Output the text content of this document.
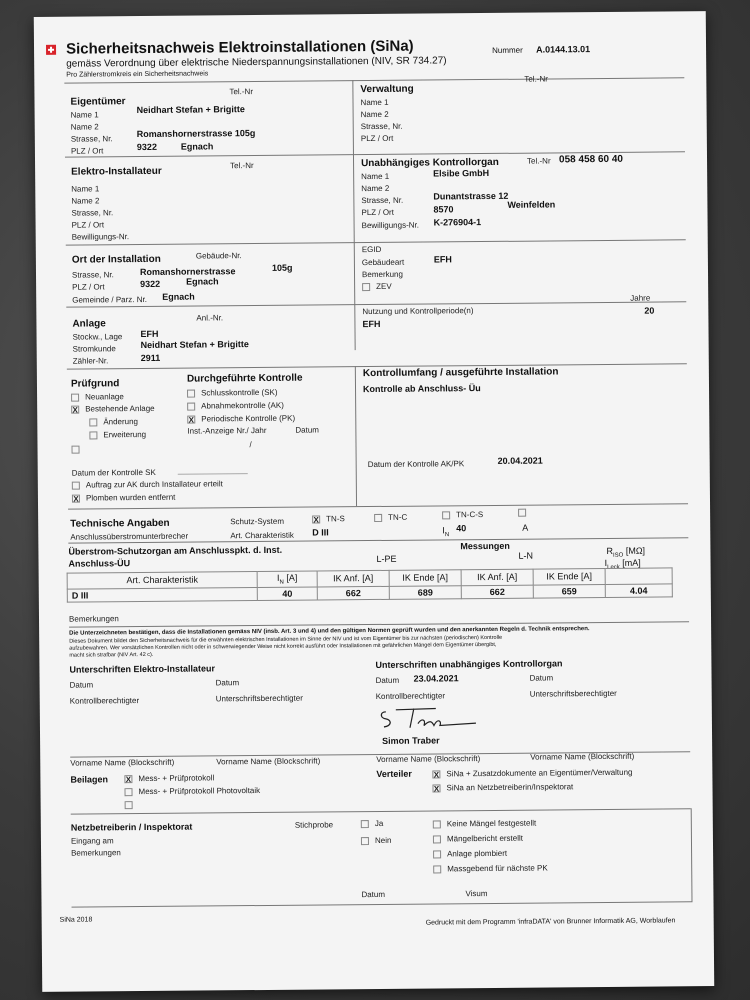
Sicherheitsnachweis Elektroinstallationen (SiNa)
gemäss Verordnung über elektrische Niederspannungsinstallationen (NIV, SR 734.27)
Pro Zählerstromkreis ein Sicherheitsnachweis
Nummer A.0144.13.01
Eigentümer
Tel.-Nr
Name 1	Neidhart Stefan + Brigitte
Name 2
Strasse, Nr.	Romanshornerstrasse 105g
PLZ / Ort	9322	Egnach
Verwaltung
Tel.-Nr
Name 1
Name 2
Strasse, Nr.
PLZ / Ort
Elektro-Installateur
Tel.-Nr
Name 1
Name 2
Strasse, Nr.
PLZ / Ort
Bewilligungs-Nr.
Unabhängiges Kontrollorgan	Tel.-Nr 058 458 60 40
Name 1	Elsibe GmbH
Name 2
Strasse, Nr.	Dunantstrasse 12
PLZ / Ort	8570	Weinfelden
Bewilligungs-Nr. K-276904-1
Ort der Installation	Gebäude-Nr.
Strasse, Nr.	Romanshornerstrasse	105g
PLZ / Ort	9322	Egnach
Gemeinde / Parz. Nr. Egnach
EGID
Gebäudeart	EFH
Bemerkung
ZEV
Anlage
Anl.-Nr.
Stockw., Lage EFH
Stromkunde	Neidhart Stefan + Brigitte
Zähler-Nr.	2911
Nutzung und Kontrollperiode(n)
EFH
Jahre
20
Prüfgrund
Neuanlage
X Bestehende Anlage
Änderung
Erweiterung
Durchgeführte Kontrolle
Schlusskontrolle (SK)
Abnahmekontrolle (AK)
X Periodische Kontrolle (PK)
Inst.-Anzeige Nr./ Jahr	Datum
/
Kontrollumfang / ausgeführte Installation
Kontrolle ab Anschluss- Üu
Datum der Kontrolle SK
Auftrag zur AK durch Installateur erteilt
X Plomben wurden entfernt
Datum der Kontrolle AK/PK	20.04.2021
Technische Angaben
Anschlussüberstromunterbrecher
Schutz-System	X TN-S	TN-C	TN-C-S
Art. Charakteristik D III	$I_N$
40	A
Überstrom-Schutzorgan am Anschlusspkt. d. Inst.
Anschluss-ÜU
Messungen
L-PE	L-N	$R_{ISO}$ [MΩ]
$I_{Leck}$ [mA]
Art. Charakteristik	$I_N$ [A]	IK Anf. [A]	IK Ende [A]	IK Anf. [A]	IK Ende [A]	
D III	40	662	689	662	659	4.04
Bemerkungen
Die Unterzeichneten bestätigen, dass die Installationen gemäss NIV (insb. Art. 3 und 4) und den gültigen Normen geprüft wurden und den anerkannten Regeln d. Technik entsprechen.
Dieses Dokument bildet den Sicherheitsnachweis für die erwähnten elektrischen Installationen im Sinne der NIV und ist vom Eigentümer bis zur nächsten (periodischen) Kontrolle
aufzubewahren. Wer vorsätzlichen Kontrollen nicht oder in schwerwiegender Weise nicht korrekt ausführt oder Installationen mit gefährlichen Mängel dem Eigentümer übergibt,
macht sich strafbar (NIV Art. 42 c).
Unterschriften Elektro-Installateur	Unterschriften unabhängiges Kontrollorgan
Datum	Datum	Datum 23.04.2021	Datum
Kontrollberechtigter	Unterschriftsberechtigter	Kontrollberechtigter	Unterschriftsberechtigter
Simon Traber
Vorname Name (Blockschrift)	Vorname Name (Blockschrift)	Vorname Name (Blockschrift)	Vorname Name (Blockschrift)
Beilagen X Mess- + Prüfprotokoll
Mess- + Prüfprotokoll Photovoltaik
Verteiler	X SiNa + Zusatzdokumente an Eigentümer/Verwaltung
X SiNa an Netzbetreiberin/Inspektorat
Netzbetreiberin / Inspektorat
Eingang am
Bemerkungen
Stichprobe	Ja
Nein
Keine Mängel festgestellt
Mängelbericht erstellt
Anlage plombiert
Massgebend für nächste PK
Datum	Visum
SiNa 2018	Gedruckt mit dem Programm 'infraDATA' von Brunner Informatik AG, Worblaufen
